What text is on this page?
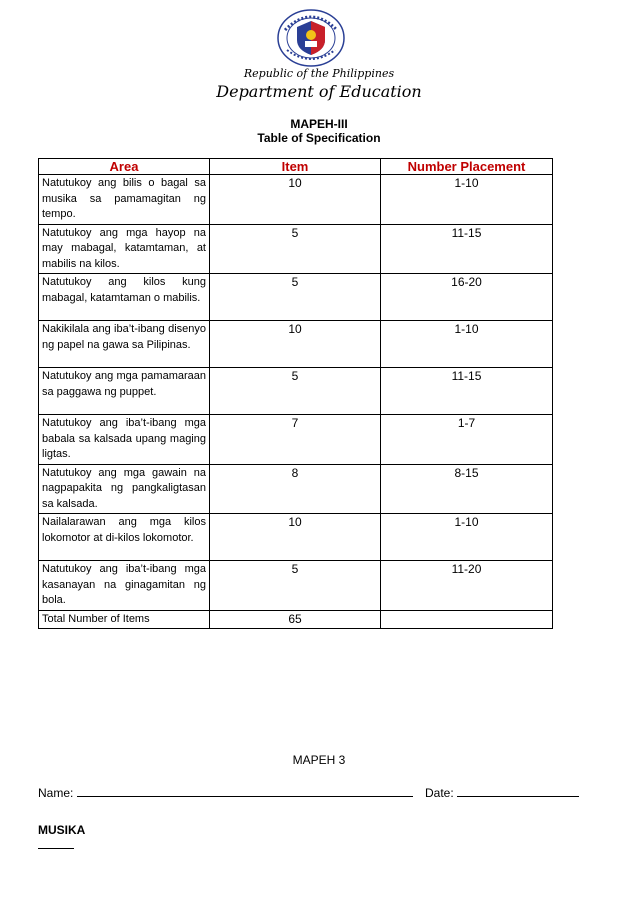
Republic of the Philippines
Department of Education
MAPEH-III
Table of Specification
Area	Item	Number Placement
Natutukoy ang bilis o bagal sa musika sa pamamagitan ng tempo.	10	1-10
Natutukoy ang mga hayop na may mabagal, katamtaman, at mabilis na kilos.	5	11-15
Natutukoy ang kilos kung mabagal, katamtaman o mabilis.	5	16-20
Nakikilala ang iba’t-ibang disenyo ng papel na gawa sa Pilipinas.	10	1-10
Natutukoy ang mga pamamaraan sa paggawa ng puppet.	5	11-15
Natutukoy ang iba’t-ibang mga babala sa kalsada upang maging ligtas.	7	1-7
Natutukoy ang mga gawain na nagpapakita ng pangkaligtasan sa kalsada.	8	8-15
Nailalarawan ang mga kilos lokomotor at di-kilos lokomotor.	10	1-10
Natutukoy ang iba’t-ibang mga kasanayan na ginagamitan ng bola.	5	11-20
Total Number of Items	65	
MAPEH 3
Name:	Date:
MUSIKA
